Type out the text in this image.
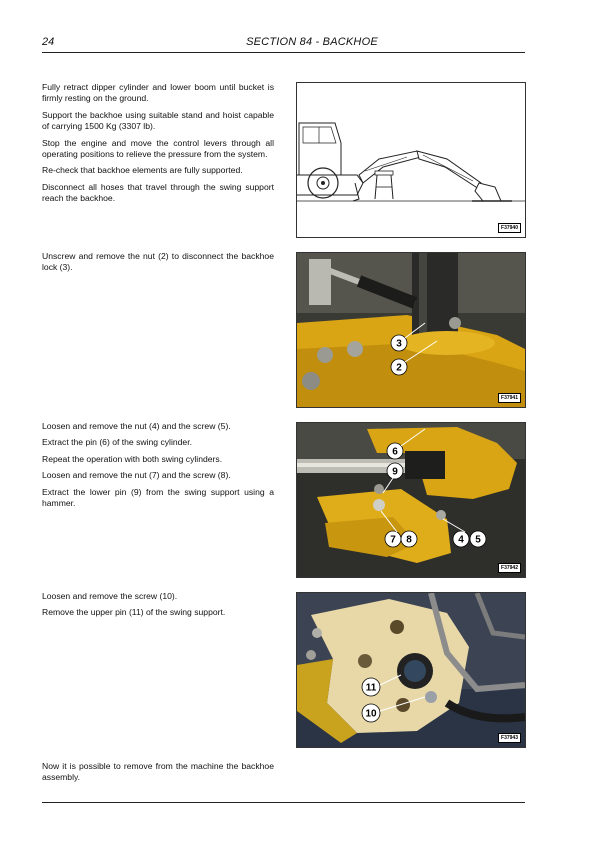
24	SECTION 84 - BACKHOE

Fully retract dipper cylinder and lower boom until bucket is firmly resting on the ground.

Support the backhoe using suitable stand and hoist capable of carrying 1500 Kg (3307 lb).

Stop the engine and move the control levers through all operating positions to relieve the pressure from the system.

Re-check that backhoe elements are fully supported.

Disconnect all hoses that travel through the swing support reach the backhoe.

Unscrew and remove the nut (2) to disconnect the backhoe lock (3).

Loosen and remove the nut (4) and the screw (5).

Extract the pin (6) of the swing cylinder.

Repeat the operation with both swing cylinders.

Loosen and remove the nut (7) and the screw (8).

Extract the lower pin (9) from the swing support using a hammer.

Loosen and remove the screw (10).

Remove the upper pin (11) of the swing support.

Now it is possible to remove from the machine the backhoe assembly.

F37940
3
2
F37941
6
9
7 8	4 5
F37942
11
10
F37943
